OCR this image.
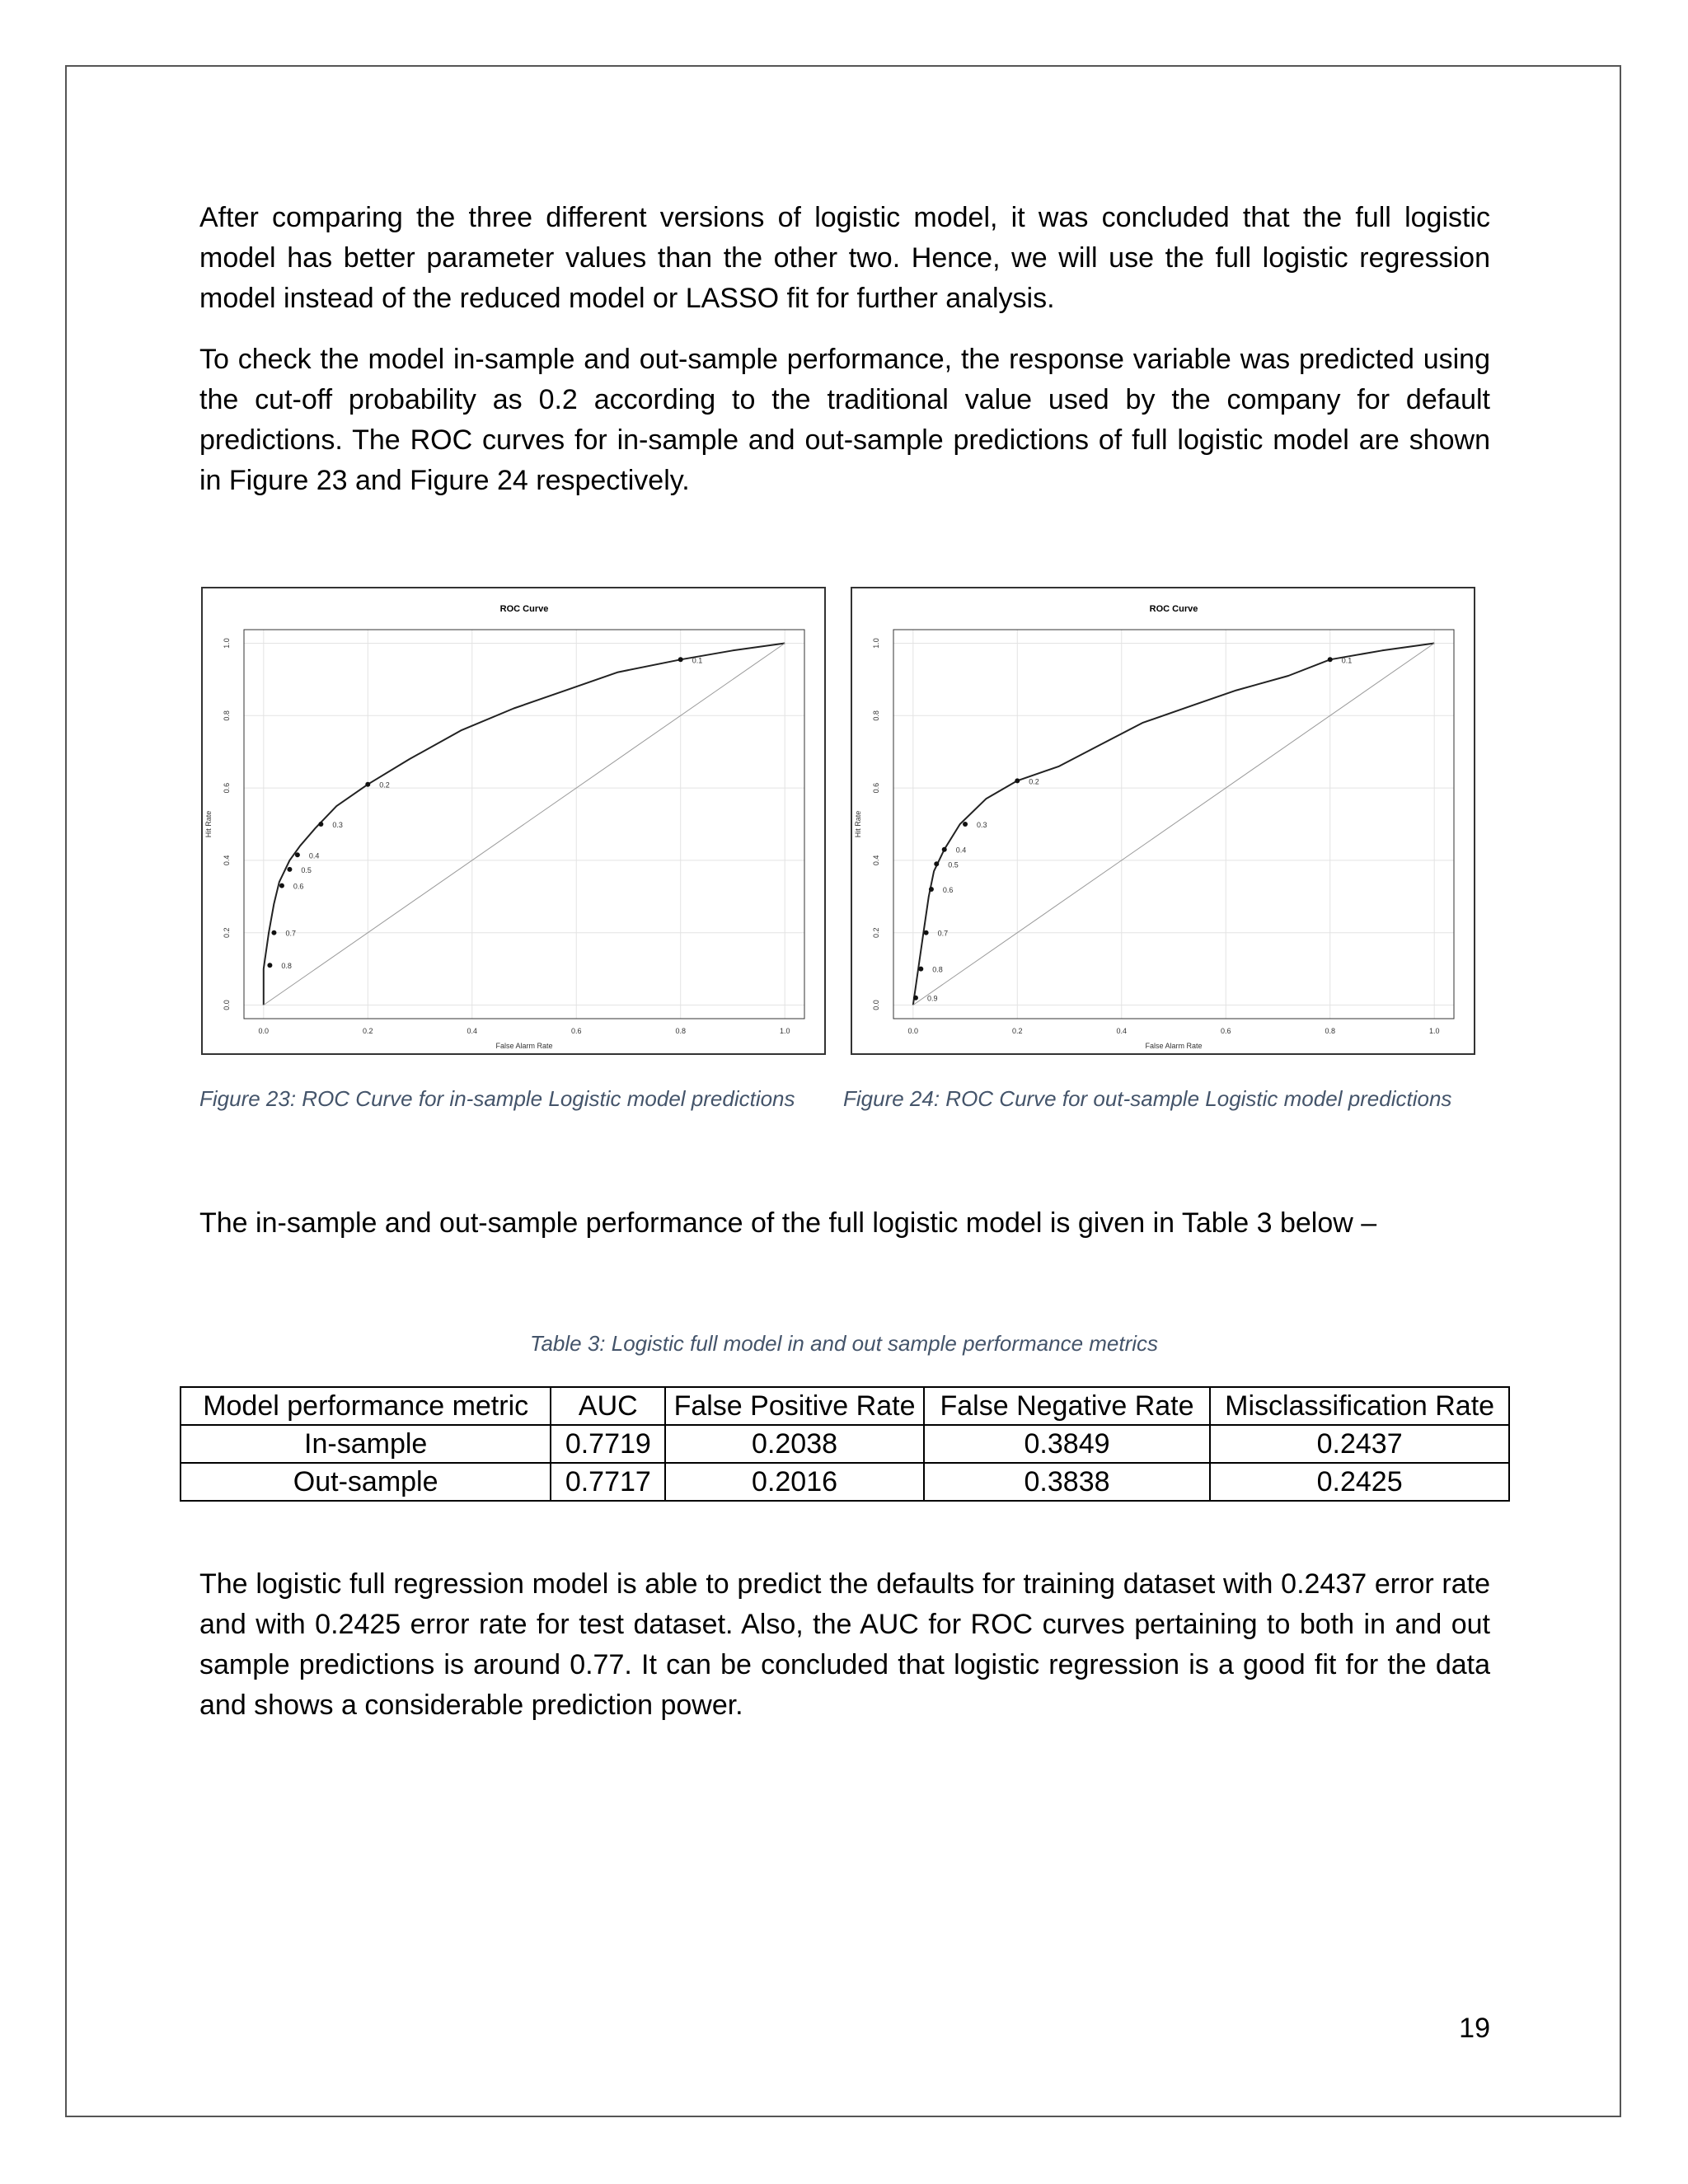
After comparing the three different versions of logistic model, it was concluded that the full logistic model has better parameter values than the other two. Hence, we will use the full logistic regression model instead of the reduced model or LASSO fit for further analysis.

To check the model in-sample and out-sample performance, the response variable was predicted using the cut-off probability as 0.2 according to the traditional value used by the company for default predictions. The ROC curves for in-sample and out-sample predictions of full logistic model are shown in Figure 23 and Figure 24 respectively.

ROC Curve
0.0	0.2	0.4	0.6	0.8	1.0
0.0
0.2
0.4
0.6
0.8
1.0
False Alarm Rate
Hit Rate
0.1
0.2
0.3
0.4
0.5
0.6
0.7
0.8
ROC Curve
0.0	0.2	0.4	0.6	0.8	1.0
0.0
0.2
0.4
0.6
0.8
1.0
False Alarm Rate
Hit Rate
0.1
0.2
0.3
0.4
0.5
0.6
0.7
0.8
0.9
Figure 23: ROC Curve for in-sample Logistic model predictions Figure 24: ROC Curve for out-sample Logistic model predictions

The in-sample and out-sample performance of the full logistic model is given in Table 3 below –

Table 3: Logistic full model in and out sample performance metrics
Model performance metric	AUC	False Positive Rate	False Negative Rate	Misclassification Rate
In-sample	0.7719	0.2038	0.3849	0.2437
Out-sample	0.7717	0.2016	0.3838	0.2425

The logistic full regression model is able to predict the defaults for training dataset with 0.2437 error rate and with 0.2425 error rate for test dataset. Also, the AUC for ROC curves pertaining to both in and out sample predictions is around 0.77. It can be concluded that logistic regression is a good fit for the data and shows a considerable prediction power.

19
